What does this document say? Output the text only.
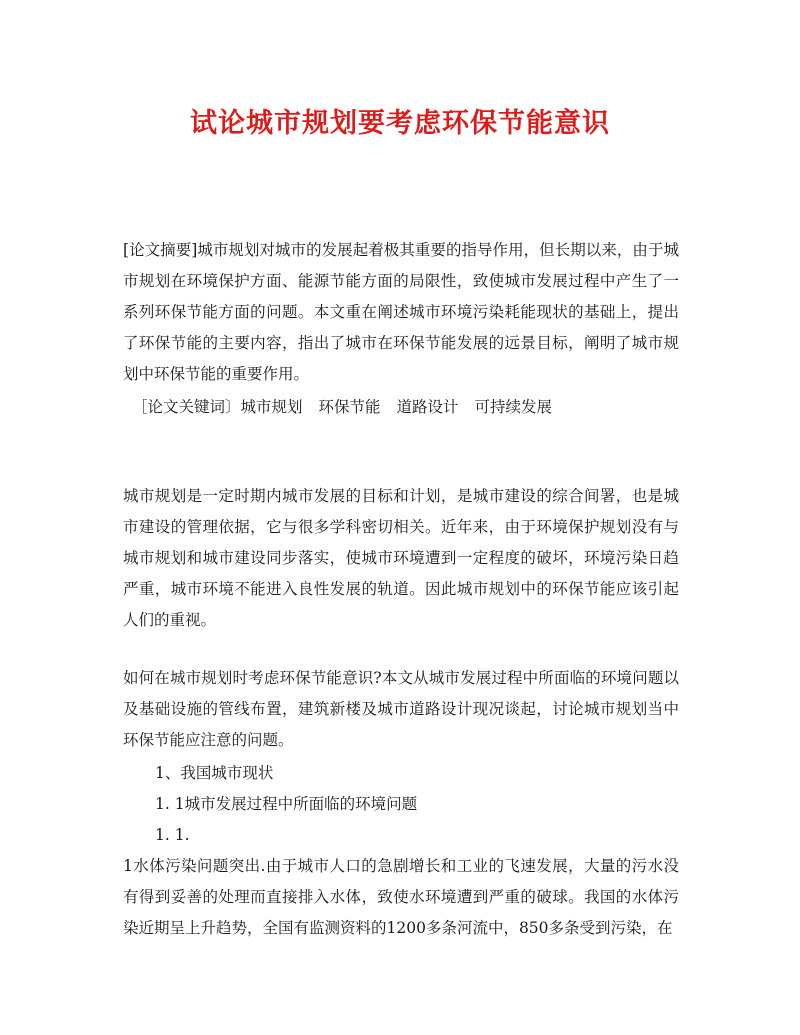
试论城市规划要考虑环保节能意识
[论文摘要]城市规划对城市的发展起着极其重要的指导作用，但长期以来，由于城市规划在环境保护方面、能源节能方面的局限性，致使城市发展过程中产生了一系列环保节能方面的问题。本文重在阐述城市环境污染耗能现状的基础上，提出了环保节能的主要内容，指出了城市在环保节能发展的远景目标，阐明了城市规划中环保节能的重要作用。
［论文关键词〕城市规划 环保节能 道路设计 可持续发展
城市规划是一定时期内城市发展的目标和计划，是城市建设的综合间署，也是城市建设的管理依据，它与很多学科密切相关。近年来，由于环境保护规划没有与城市规划和城市建设同步落实，使城市环境遭到一定程度的破坏，环境污染日趋严重，城市环境不能进入良性发展的轨道。因此城市规划中的环保节能应该引起人们的重视。
如何在城市规划时考虑环保节能意识?本文从城市发展过程中所面临的环境问题以及基础设施的管线布置，建筑新楼及城市道路设计现况谈起，讨论城市规划当中环保节能应注意的问题。
1、我国城市现状
1. 1城市发展过程中所面临的环境问题
1. 1.
1水体污染问题突出.由于城市人口的急剧增长和工业的飞速发展，大量的污水没有得到妥善的处理而直接排入水体，致使水环境遭到严重的破球。我国的水体污染近期呈上升趋势，全国有监测资料的1200多条河流中，850多条受到污染，在
